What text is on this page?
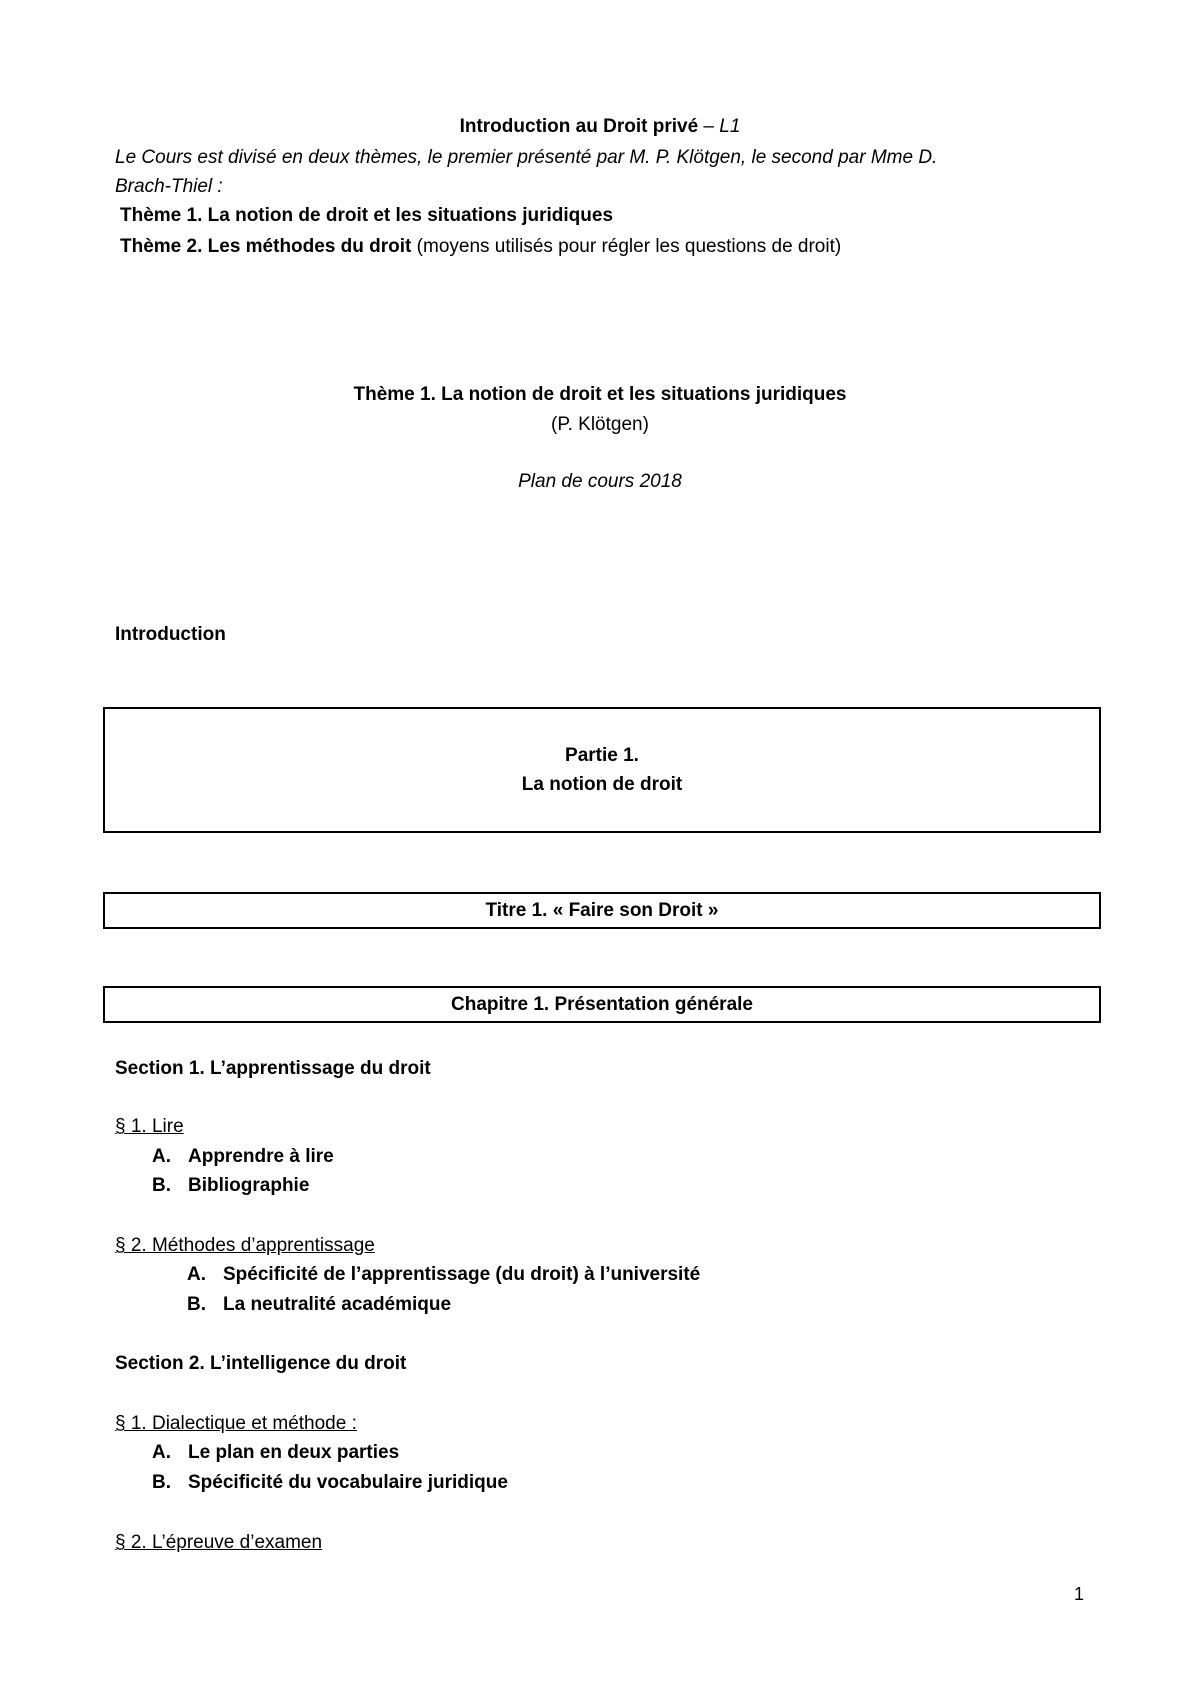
Introduction au Droit privé – L1
Le Cours est divisé en deux thèmes, le premier présenté par M. P. Klötgen, le second par Mme D.
Brach-Thiel :
Thème 1. La notion de droit et les situations juridiques
Thème 2. Les méthodes du droit (moyens utilisés pour régler les questions de droit)
Thème 1. La notion de droit et les situations juridiques
(P. Klötgen)
Plan de cours 2018
Introduction
Partie 1.
La notion de droit
Titre 1. « Faire son Droit »
Chapitre 1. Présentation générale
Section 1. L’apprentissage du droit
§ 1. Lire
A. Apprendre à lire
B. Bibliographie
§ 2. Méthodes d’apprentissage
A. Spécificité de l’apprentissage (du droit) à l’université
B. La neutralité académique
Section 2. L’intelligence du droit
§ 1. Dialectique et méthode :
A. Le plan en deux parties
B. Spécificité du vocabulaire juridique
§ 2. L’épreuve d’examen
1
